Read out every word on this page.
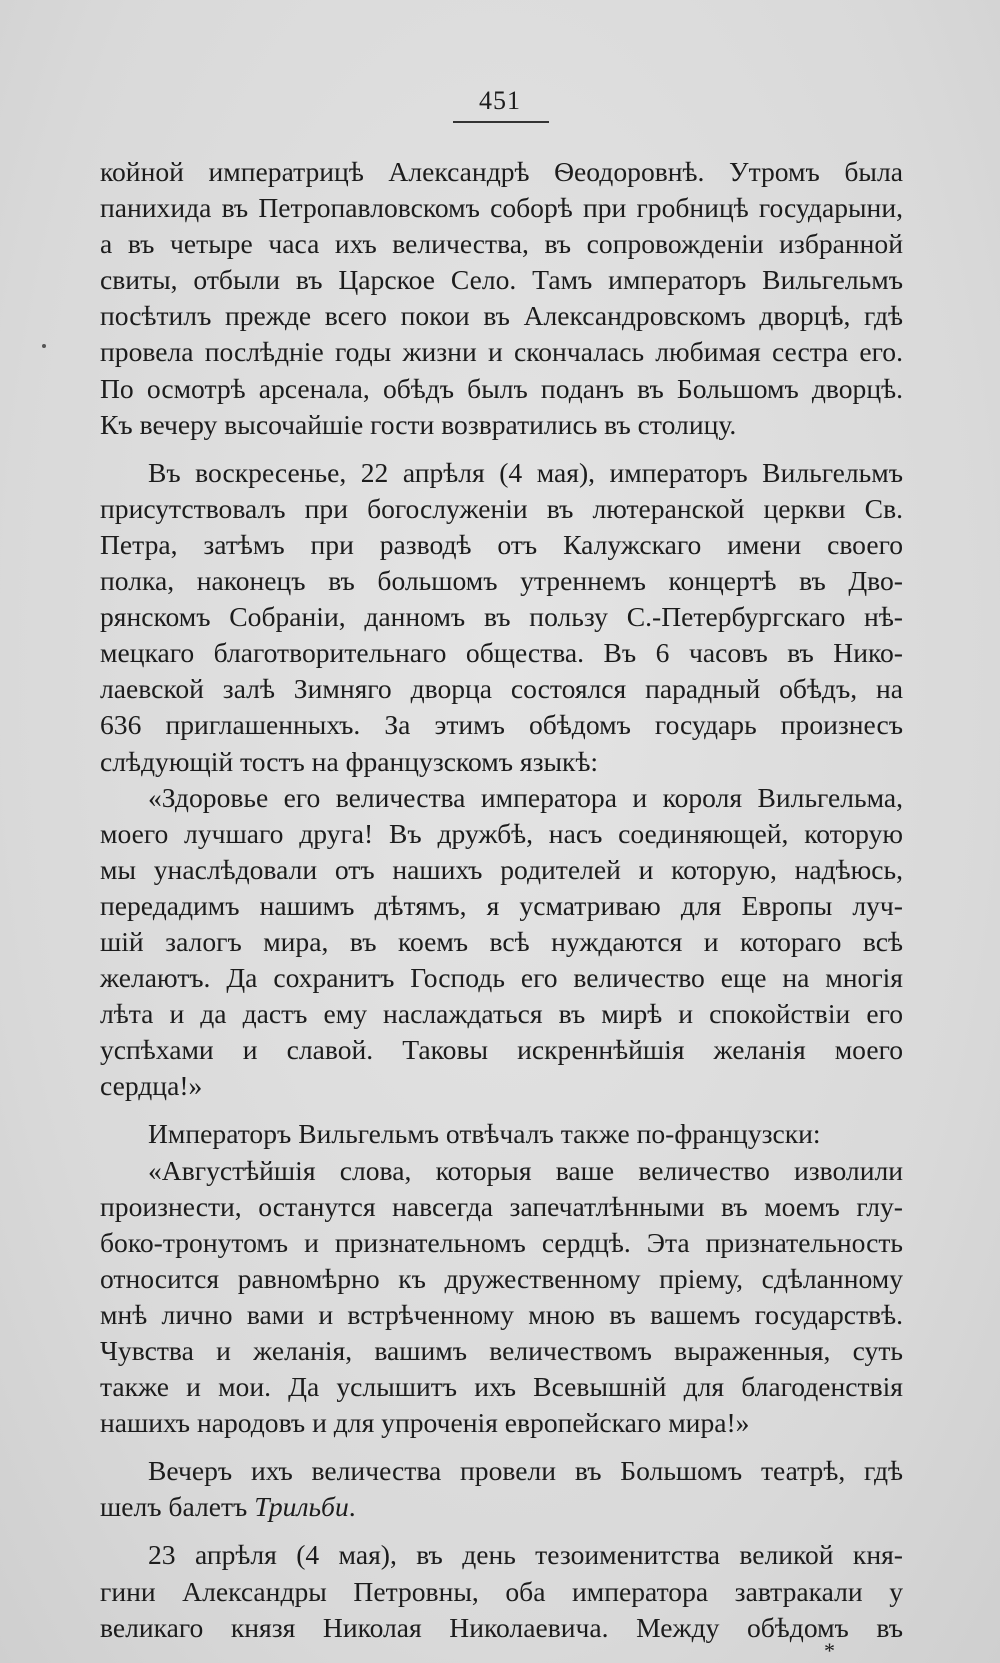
451

койной императрицѣ Александрѣ Ѳеодоровнѣ. Утромъ была

панихида въ Петропавловскомъ соборѣ при гробницѣ государыни,

а въ четыре часа ихъ величества, въ сопровожденіи избранной

свиты, отбыли въ Царское Село. Тамъ императоръ Вильгельмъ

посѣтилъ прежде всего покои въ Александровскомъ дворцѣ, гдѣ

провела послѣдніе годы жизни и скончалась любимая сестра его.

По осмотрѣ арсенала, обѣдъ былъ поданъ въ Большомъ дворцѣ.

Къ вечеру высочайшіе гости возвратились въ столицу.

Въ воскресенье, 22 апрѣля (4 мая), императоръ Вильгельмъ

присутствовалъ при богослуженіи въ лютеранской церкви Св.

Петра, затѣмъ при разводѣ отъ Калужскаго имени своего

полка, наконецъ въ большомъ утреннемъ концертѣ въ Дво-

рянскомъ Собраніи, данномъ въ пользу С.-Петербургскаго нѣ-

мецкаго благотворительнаго общества. Въ 6 часовъ въ Нико-

лаевской залѣ Зимняго дворца состоялся парадный обѣдъ, на

636 приглашенныхъ. За этимъ обѣдомъ государь произнесъ

слѣдующій тостъ на французскомъ языкѣ:

«Здоровье его величества императора и короля Вильгельма,

моего лучшаго друга! Въ дружбѣ, насъ соединяющей, которую

мы унаслѣдовали отъ нашихъ родителей и которую, надѣюсь,

передадимъ нашимъ дѣтямъ, я усматриваю для Европы луч-

шій залогъ мира, въ коемъ всѣ нуждаются и котораго всѣ

желаютъ. Да сохранитъ Господь его величество еще на многія

лѣта и да дастъ ему наслаждаться въ мирѣ и спокойствіи его

успѣхами и славой. Таковы искреннѣйшія желанія моего

сердца!»

Императоръ Вильгельмъ отвѣчалъ также по-французски:

«Августѣйшія слова, которыя ваше величество изволили

произнести, останутся навсегда запечатлѣнными въ моемъ глу-

боко-тронутомъ и признательномъ сердцѣ. Эта признательность

относится равномѣрно къ дружественному пріему, сдѣланному

мнѣ лично вами и встрѣченному мною въ вашемъ государствѣ.

Чувства и желанія, вашимъ величествомъ выраженныя, суть

также и мои. Да услышитъ ихъ Всевышній для благоденствія

нашихъ народовъ и для упроченія европейскаго мира!»

Вечеръ ихъ величества провели въ Большомъ театрѣ, гдѣ

шелъ балетъ Трильби.

23 апрѣля (4 мая), въ день тезоименитства великой кня-

гини Александры Петровны, оба императора завтракали у

великаго князя Николая Николаевича. Между обѣдомъ въ

*
